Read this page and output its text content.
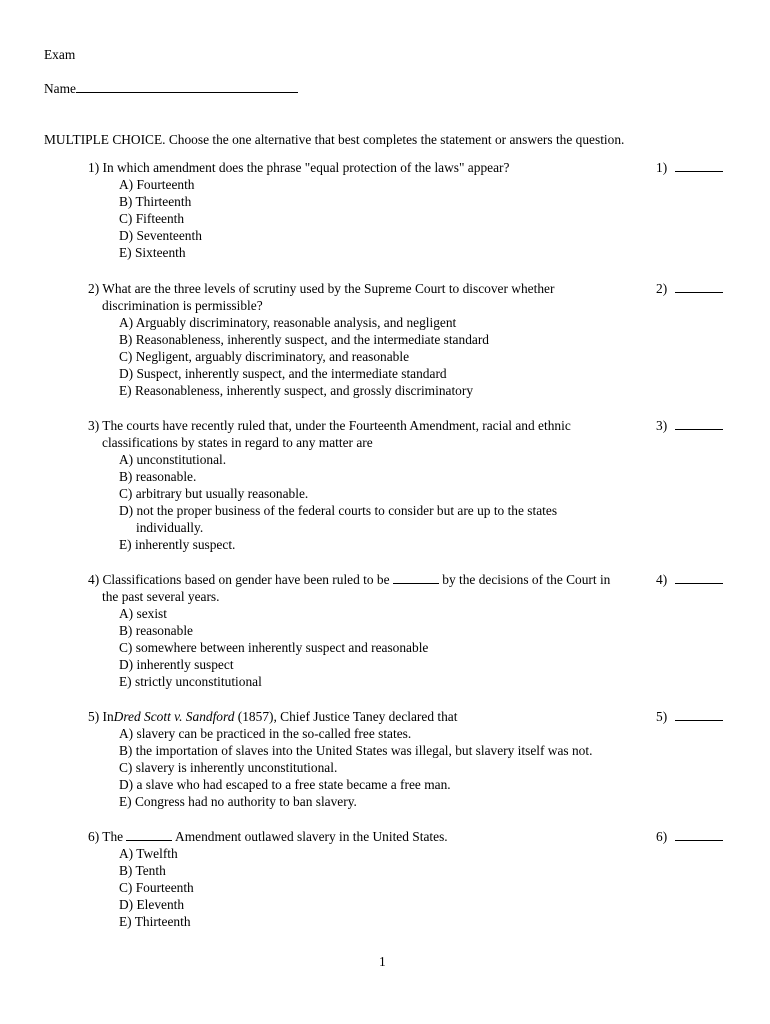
Exam
Name
MULTIPLE CHOICE. Choose the one alternative that best completes the statement or answers the question.
1) In which amendment does the phrase "equal protection of the laws" appear?	1)
A) Fourteenth
B) Thirteenth
C) Fifteenth
D) Seventeenth
E) Sixteenth
2) What are the three levels of scrutiny used by the Supreme Court to discover whether	2)
discrimination is permissible?
A) Arguably discriminatory, reasonable analysis, and negligent
B) Reasonableness, inherently suspect, and the intermediate standard
C) Negligent, arguably discriminatory, and reasonable
D) Suspect, inherently suspect, and the intermediate standard
E) Reasonableness, inherently suspect, and grossly discriminatory
3) The courts have recently ruled that, under the Fourteenth Amendment, racial and ethnic	3)
classifications by states in regard to any matter are
A) unconstitutional.
B) reasonable.
C) arbitrary but usually reasonable.
D) not the proper business of the federal courts to consider but are up to the states
individually.
E) inherently suspect.
4) Classifications based on gender have been ruled to be	by the decisions of the Court in	4)
the past several years.
A) sexist
B) reasonable
C) somewhere between inherently suspect and reasonable
D) inherently suspect
E) strictly unconstitutional
5) InDred Scott v. Sandford (1857), Chief Justice Taney declared that	5)
A) slavery can be practiced in the so-called free states.
B) the importation of slaves into the United States was illegal, but slavery itself was not.
C) slavery is inherently unconstitutional.
D) a slave who had escaped to a free state became a free man.
E) Congress had no authority to ban slavery.
6) The	Amendment outlawed slavery in the United States.	6)
A) Twelfth
B) Tenth
C) Fourteenth
D) Eleventh
E) Thirteenth
1
